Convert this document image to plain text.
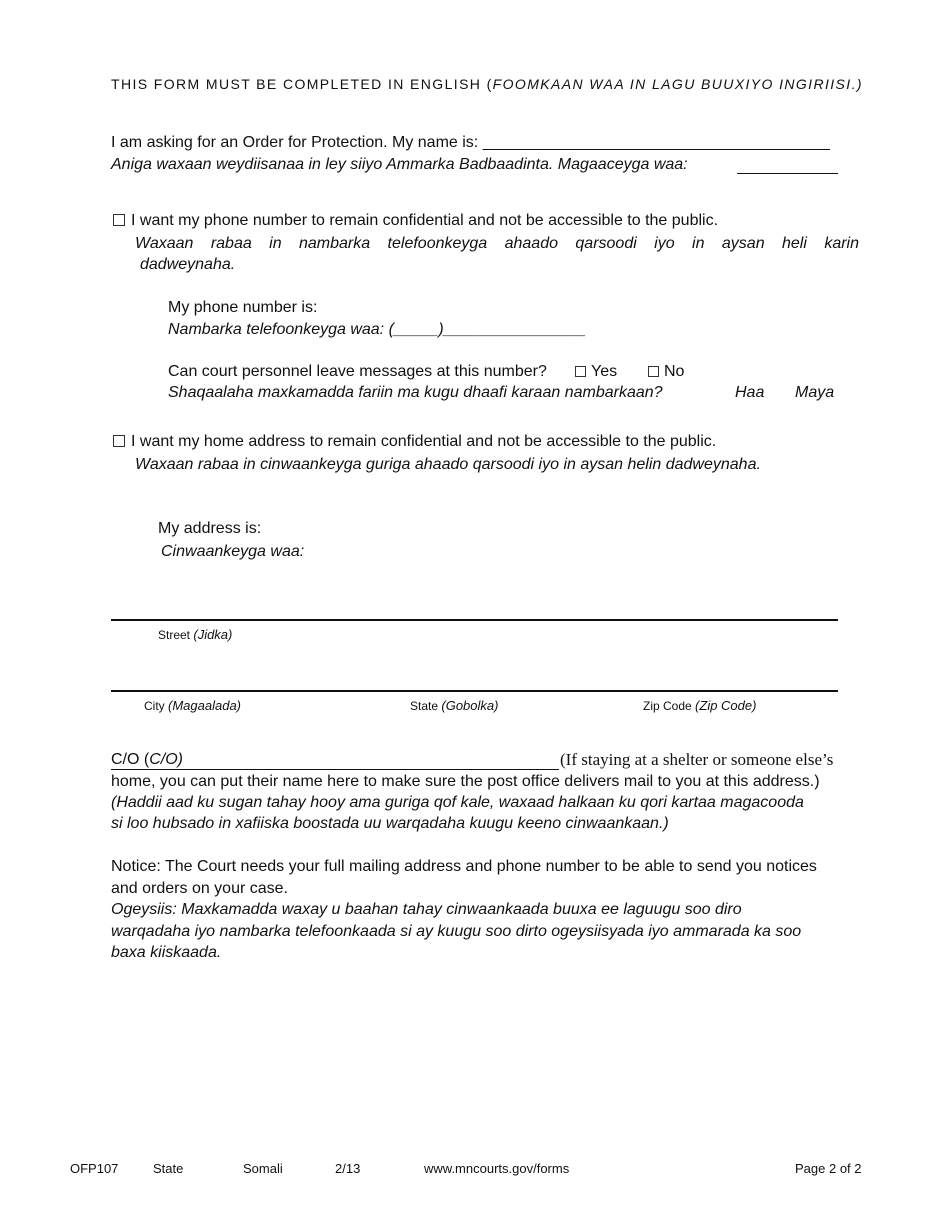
THIS FORM MUST BE COMPLETED IN ENGLISH (FOOMKAAN WAA IN LAGU BUUXIYO INGIRIISI.)
I am asking for an Order for Protection. My name is: _______________________________________
Aniga waxaan weydiisanaa in ley siiyo Ammarka Badbaadinta. Magaaceyga waa:
I want my phone number to remain confidential and not be accessible to the public.
Waxaan rabaa in nambarka telefoonkeyga ahaado qarsoodi iyo in aysan heli karin
dadweynaha.
My phone number is:
Nambarka telefoonkeyga waa: (_____)________________
Can court personnel leave messages at this number?	Yes	No
Shaqaalaha maxkamadda fariin ma kugu dhaafi karaan nambarkaan?	Haa Maya
I want my home address to remain confidential and not be accessible to the public.
Waxaan rabaa in cinwaankeyga guriga ahaado qarsoodi iyo in aysan helin dadweynaha.
My address is:
Cinwaankeyga waa:
Street (Jidka)
City (Magaalada)	State (Gobolka)	Zip Code (Zip Code)
C/O (C/O)	(If staying at a shelter or someone else’s
home, you can put their name here to make sure the post office delivers mail to you at this address.)
(Haddii aad ku sugan tahay hooy ama guriga qof kale, waxaad halkaan ku qori kartaa magacooda
si loo hubsado in xafiiska boostada uu warqadaha kuugu keeno cinwaankaan.)
Notice: The Court needs your full mailing address and phone number to be able to send you notices
and orders on your case.
Ogeysiis: Maxkamadda waxay u baahan tahay cinwaankaada buuxa ee laguugu soo diro
warqadaha iyo nambarka telefoonkaada si ay kuugu soo dirto ogeysiisyada iyo ammarada ka soo
baxa kiiskaada.
OFP107	State	Somali	2/13	www.mncourts.gov/forms	Page 2 of 2
